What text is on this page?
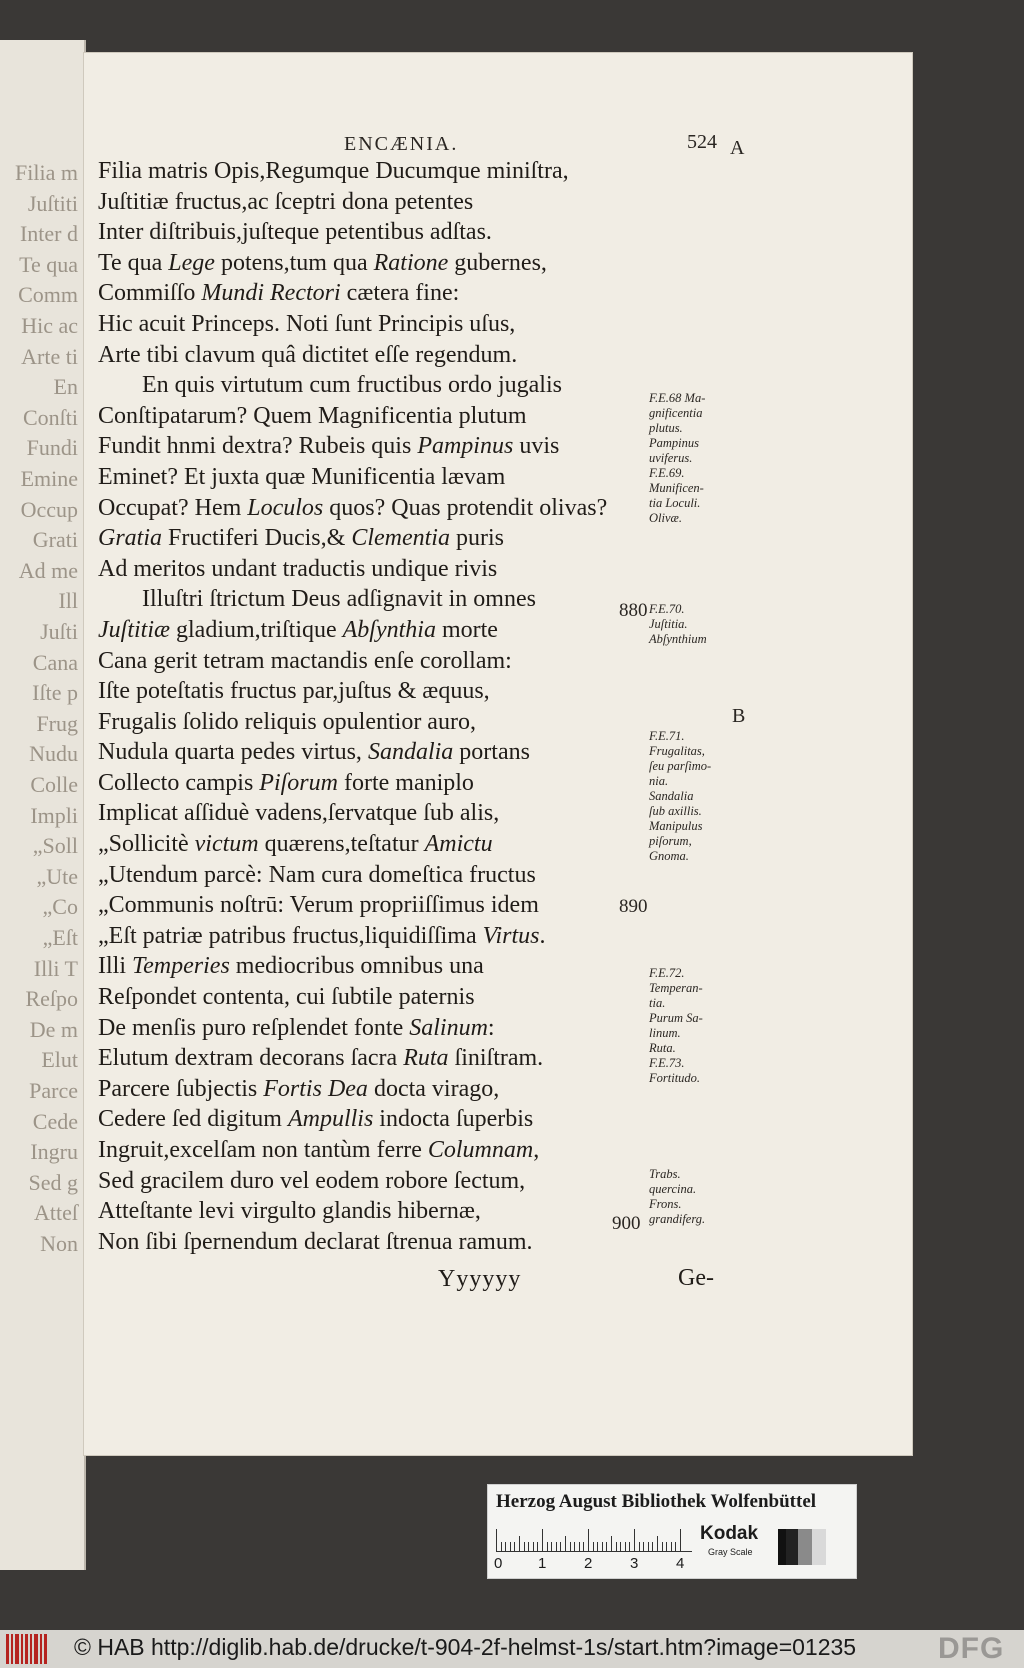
Filia m
Juſtiti
Inter d
Te qua
Comm
Hic ac
Arte ti
En
Conſti
Fundi
Emine
Occup
Grati
Ad me
Ill
Juſti
Cana
Iſte p
Frug
Nudu
Colle
Impli
„Soll
„Ute
„Co
„Eſt
Illi T
Reſpo
De m
Elut
Parce
Cede
Ingru
Sed g
Atteſ
Non
ENCÆNIA.	524 A
B
Filia matris Opis,Regumque Ducumque miniſtra,
Juſtitiæ fructus,ac ſceptri dona petentes
Inter diſtribuis,juſteque petentibus adſtas.
Te qua Lege potens,tum qua Ratione gubernes,
Commiſſo Mundi Rectori cætera fine:
Hic acuit Princeps. Noti ſunt Principis uſus,
Arte tibi clavum quâ dictitet eſſe regendum.
En quis virtutum cum fructibus ordo jugalis
Conſtipatarum? Quem Magnificentia plutum
Fundit hnmi dextra? Rubeis quis Pampinus uvis
Eminet? Et juxta quæ Munificentia lævam
Occupat? Hem Loculos quos? Quas protendit olivas?
Gratia Fructiferi Ducis,& Clementia puris
Ad meritos undant traductis undique rivis
Illuſtri ſtrictum Deus adſignavit in omnes
Juſtitiæ gladium,triſtique Abſynthia morte
Cana gerit tetram mactandis enſe corollam:
Iſte poteſtatis fructus par,juſtus & æquus,
Frugalis ſolido reliquis opulentior auro,
Nudula quarta pedes virtus, Sandalia portans
Collecto campis Piſorum forte maniplo
Implicat aſſiduè vadens,ſervatque ſub alis,
„Sollicitè victum quærens,teſtatur Amictu
„Utendum parcè: Nam cura domeſtica fructus
„Communis noſtrū: Verum propriiſſimus idem
„Eſt patriæ patribus fructus,liquidiſſima Virtus.
Illi Temperies mediocribus omnibus una
Reſpondet contenta, cui ſubtile paternis
De menſis puro reſplendet fonte Salinum:
Elutum dextram decorans ſacra Ruta ſiniſtram.
Parcere ſubjectis Fortis Dea docta virago,
Cedere ſed digitum Ampullis indocta ſuperbis
Ingruit,excelſam non tantùm ferre Columnam,
Sed gracilem duro vel eodem robore ſectum,
Atteſtante levi virgulto glandis hibernæ,
Non ſibi ſpernendum declarat ſtrenua ramum.
880
890
900
F.E.68 Ma-
gnificentia
plutus.
Pampinus
uviferus.
F.E.69.
Munificen-
tia Loculi.
Olivæ.
F.E.70.
Juſtitia.
Abſynthium
F.E.71.
Frugalitas,
ſeu parſimo-
nia.
Sandalia
ſub axillis.
Manipulus
piſorum,
Gnoma.
F.E.72.
Temperan-
tia.
Purum Sa-
linum.
Ruta.
F.E.73.
Fortitudo.
Trabs.
quercina.
Frons.
grandiferg.
Yyyyyy	Ge-
Herzog August Bibliothek Wolfenbüttel
0 1	2	3	4
Kodak
Gray Scale
© HAB http://diglib.hab.de/drucke/t-904-2f-helmst-1s/start.htm?image=01235	DFG
